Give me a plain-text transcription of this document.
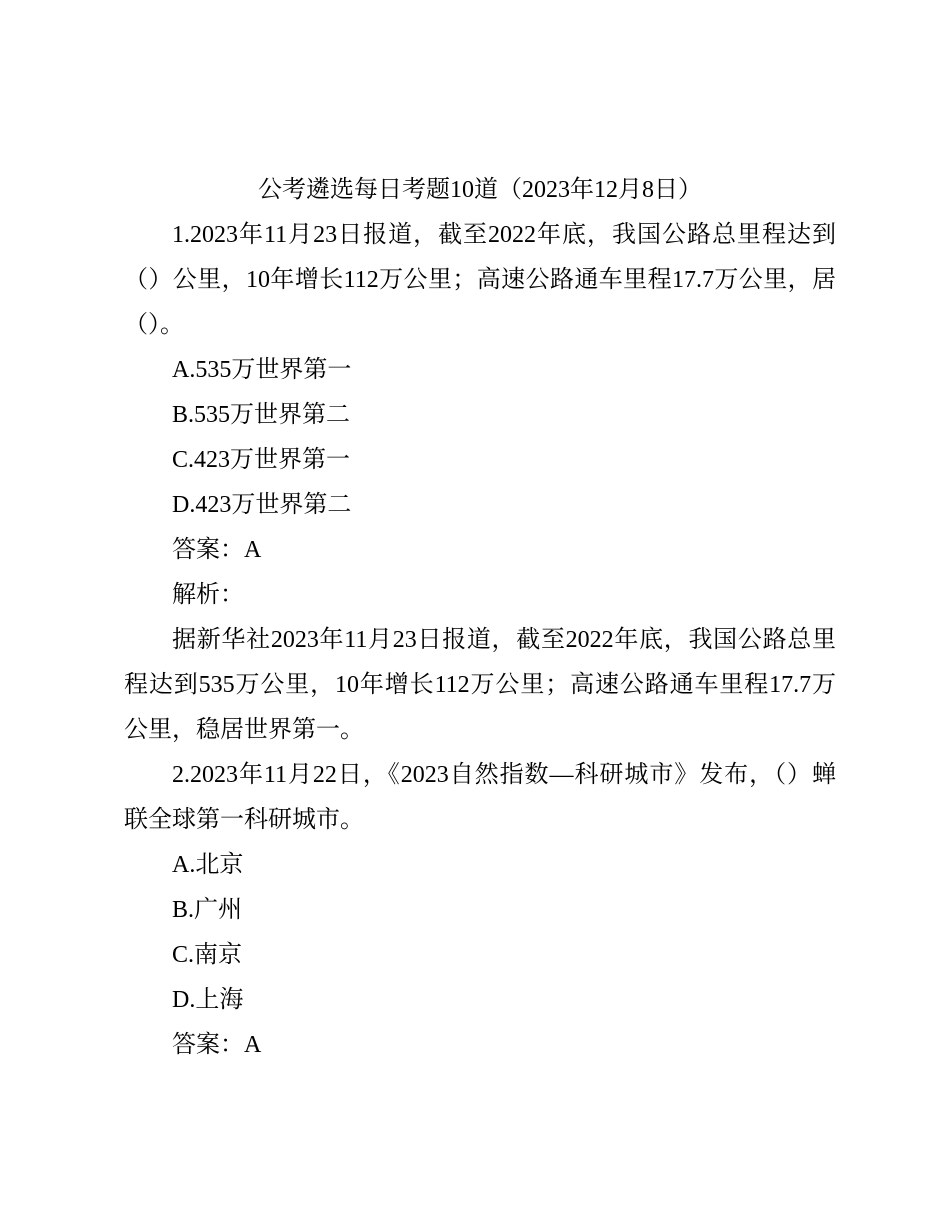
公考遴选每日考题10道（2023年12月8日）

1.2023年11月23日报道，截至2022年底，我国公路总里程达到（）公里，10年增长112万公里；高速公路通车里程17.7万公里，居（）。

A.535万世界第一

B.535万世界第二

C.423万世界第一

D.423万世界第二

答案：A

解析：

据新华社2023年11月23日报道，截至2022年底，我国公路总里程达到535万公里，10年增长112万公里；高速公路通车里程17.7万公里，稳居世界第一。

2.2023年11月22日，《2023自然指数—科研城市》发布，（）蝉联全球第一科研城市。

A.北京

B.广州

C.南京

D.上海

答案：A
